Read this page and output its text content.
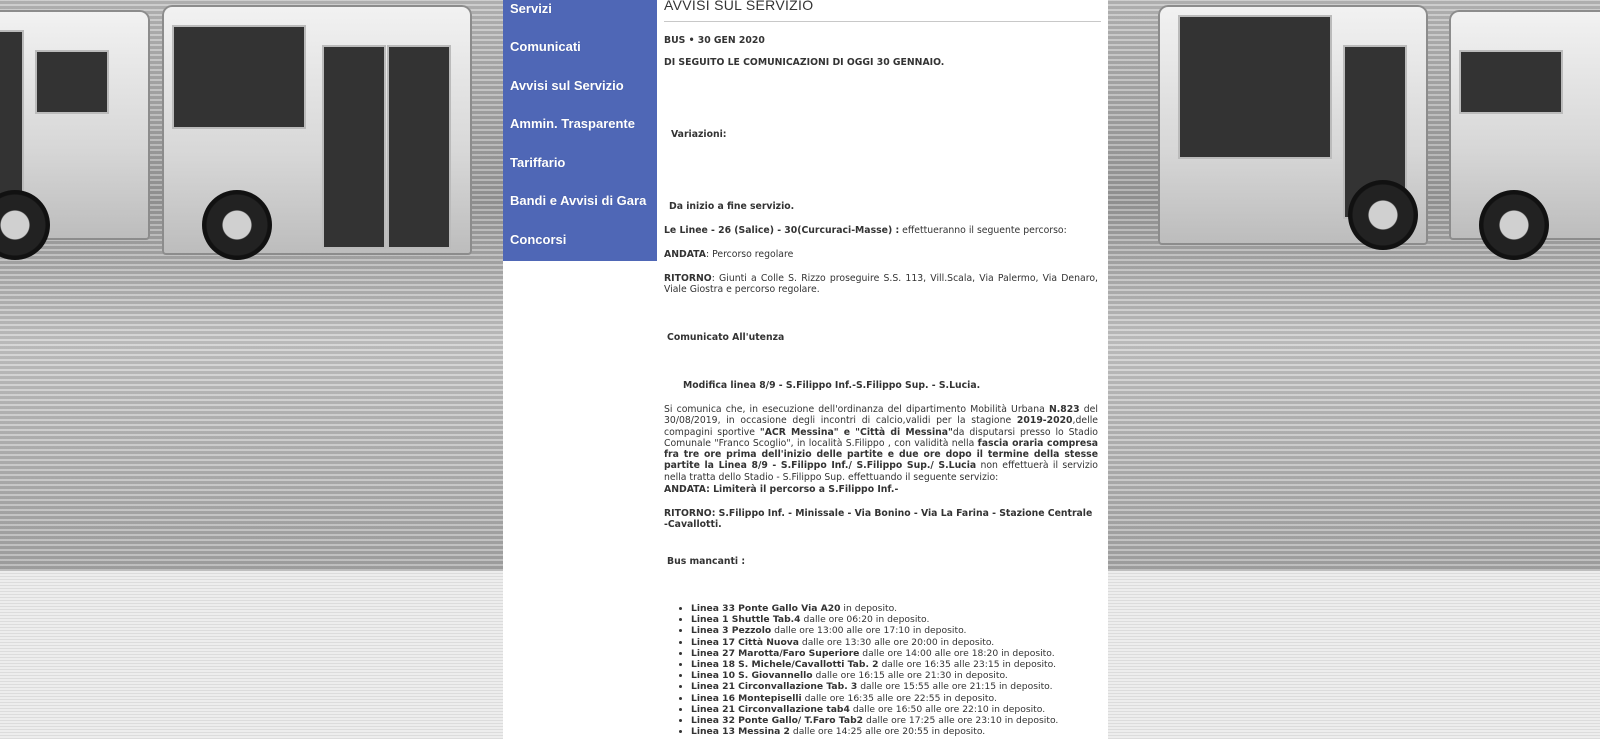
Servizi
Comunicati
Avvisi sul Servizio
Ammin. Trasparente
Tariffario
Bandi e Avvisi di Gara
Concorsi
AVVISI SUL SERVIZIO
BUS • 30 GEN 2020
DI SEGUITO LE COMUNICAZIONI DI OGGI 30 GENNAIO.
Variazioni:
Da inizio a fine servizio.
Le Linee - 26 (Salice) - 30(Curcuraci-Masse) : effettueranno il seguente percorso:
ANDATA: Percorso regolare
RITORNO: Giunti a Colle S. Rizzo proseguire S.S. 113, Vill.Scala, Via Palermo, Via Denaro, Viale Giostra e percorso regolare.
Comunicato All'utenza
Modifica linea 8/9 - S.Filippo Inf.-S.Filippo Sup. - S.Lucia.
Si comunica che, in esecuzione dell'ordinanza del dipartimento Mobilità Urbana N.823 del 30/08/2019, in occasione degli incontri di calcio,validi per la stagione 2019-2020,delle compagini sportive "ACR Messina" e "Città di Messina"da disputarsi presso lo Stadio Comunale "Franco Scoglio", in località S.Filippo , con validità nella fascia oraria compresa fra tre ore prima dell'inizio delle partite e due ore dopo il termine della stesse partite la Linea 8/9 - S.Filippo Inf./ S.Filippo Sup./ S.Lucia non effettuerà il servizio nella tratta dello Stadio - S.Filippo Sup. effettuando il seguente servizio:
ANDATA: Limiterà il percorso a S.Filippo Inf.-
RITORNO: S.Filippo Inf. - Minissale - Via Bonino - Via La Farina - Stazione Centrale -Cavallotti.
Bus mancanti :
• Linea 33 Ponte Gallo Via A20 in deposito.
• Linea 1 Shuttle Tab.4 dalle ore 06:20 in deposito.
• Linea 3 Pezzolo dalle ore 13:00 alle ore 17:10 in deposito.
• Linea 17 Città Nuova dalle ore 13:30 alle ore 20:00 in deposito.
• Linea 27 Marotta/Faro Superiore dalle ore 14:00 alle ore 18:20 in deposito.
• Linea 18 S. Michele/Cavallotti Tab. 2 dalle ore 16:35 alle 23:15 in deposito.
• Linea 10 S. Giovannello dalle ore 16:15 alle ore 21:30 in deposito.
• Linea 21 Circonvallazione Tab. 3 dalle ore 15:55 alle ore 21:15 in deposito.
• Linea 16 Montepiselli dalle ore 16:35 alle ore 22:55 in deposito.
• Linea 21 Circonvallazione tab4 dalle ore 16:50 alle ore 22:10 in deposito.
• Linea 32 Ponte Gallo/ T.Faro Tab2 dalle ore 17:25 alle ore 23:10 in deposito.
• Linea 13 Messina 2 dalle ore 14:25 alle ore 20:55 in deposito.
